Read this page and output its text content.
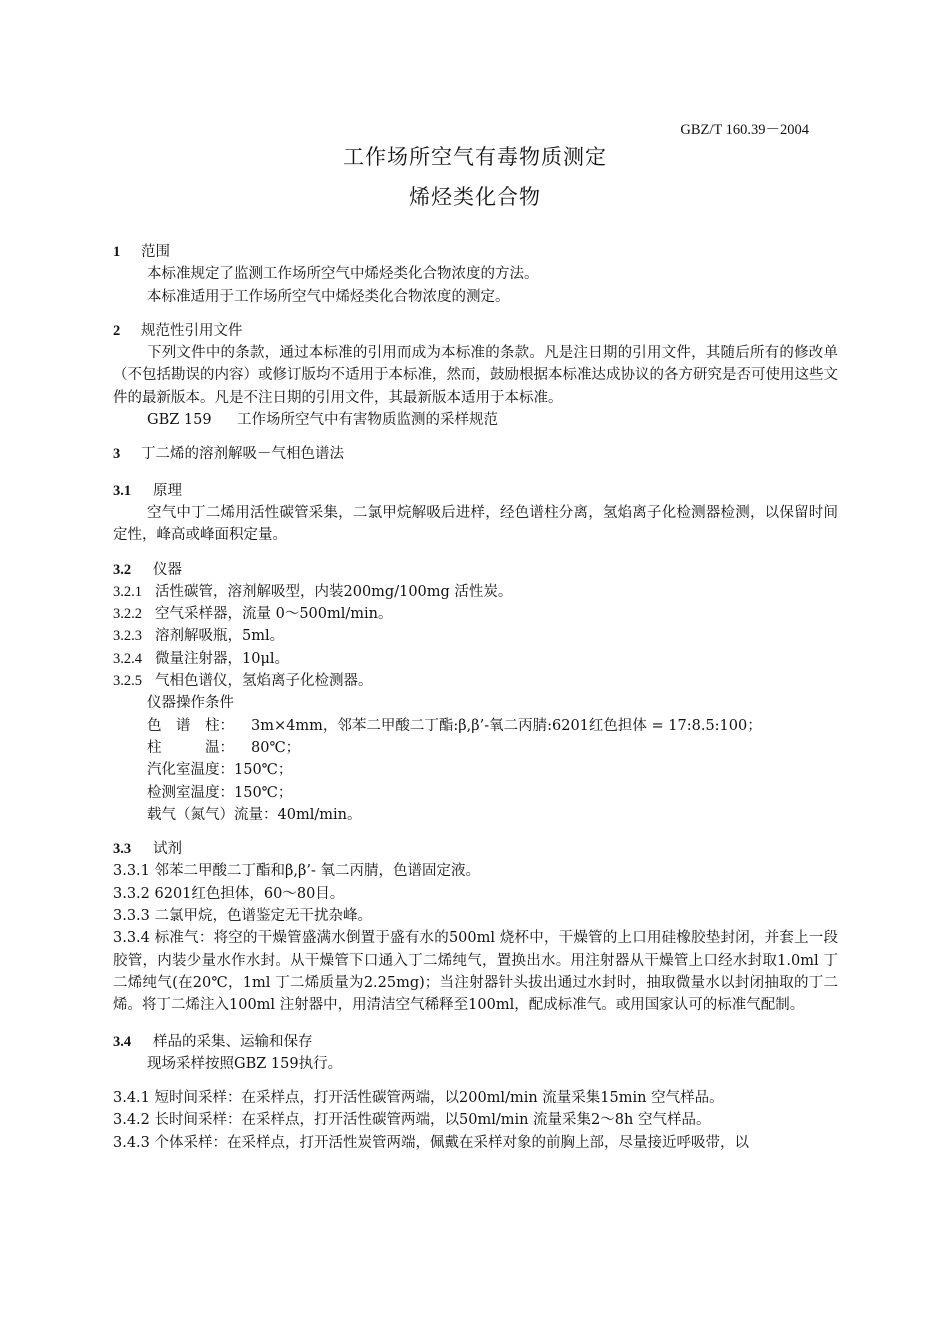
GBZ/T 160.39－2004
工作场所空气有毒物质测定
烯烃类化合物
1 范围
本标准规定了监测工作场所空气中烯烃类化合物浓度的方法。
本标准适用于工作场所空气中烯烃类化合物浓度的测定。
2 规范性引用文件

下列文件中的条款，通过本标准的引用而成为本标准的条款。凡是注日期的引用文件，其随后所有的修改单（不包括勘误的内容）或修订版均不适用于本标准，然而，鼓励根据本标准达成协议的各方研究是否可使用这些文件的最新版本。凡是不注日期的引用文件，其最新版本适用于本标准。

GBZ 159 工作场所空气中有害物质监测的采样规范
3 丁二烯的溶剂解吸－气相色谱法
3.1 原理

空气中丁二烯用活性碳管采集，二氯甲烷解吸后进样，经色谱柱分离，氢焰离子化检测器检测，以保留时间定性，峰高或峰面积定量。

3.2 仪器
3.2.1 活性碳管，溶剂解吸型，内装200mg/100mg 活性炭。
3.2.2 空气采样器，流量 0～500ml/min。
3.2.3 溶剂解吸瓶，5ml。
3.2.4 微量注射器，10μl。
3.2.5 气相色谱仪，氢焰离子化检测器。
仪器操作条件
色　谱　柱： 3m×4mm，邻苯二甲酸二丁酯:β,β’-氧二丙腈:6201红色担体 = 17:8.5:100；
柱　　　温： 80℃；
汽化室温度：150℃；
检测室温度：150℃；
载气（氮气）流量：40ml/min。
3.3 试剂
3.3.1 邻苯二甲酸二丁酯和β,β’- 氧二丙腈，色谱固定液。
3.3.2 6201红色担体，60～80目。
3.3.3 二氯甲烷，色谱鉴定无干扰杂峰。

3.3.4 标准气：将空的干燥管盛满水倒置于盛有水的500ml 烧杯中，干燥管的上口用硅橡胶垫封闭，并套上一段胶管，内装少量水作水封。从干燥管下口通入丁二烯纯气，置换出水。用注射器从干燥管上口经水封取1.0ml 丁二烯纯气(在20℃，1ml 丁二烯质量为2.25mg)；当注射器针头拔出通过水封时，抽取微量水以封闭抽取的丁二烯。将丁二烯注入100ml 注射器中，用清洁空气稀释至100ml，配成标准气。或用国家认可的标准气配制。

3.4 样品的采集、运输和保存
现场采样按照GBZ 159执行。
3.4.1 短时间采样：在采样点，打开活性碳管两端，以200ml/min 流量采集15min 空气样品。
3.4.2 长时间采样：在采样点，打开活性碳管两端，以50ml/min 流量采集2～8h 空气样品。
3.4.3 个体采样：在采样点，打开活性炭管两端，佩戴在采样对象的前胸上部，尽量接近呼吸带，以
